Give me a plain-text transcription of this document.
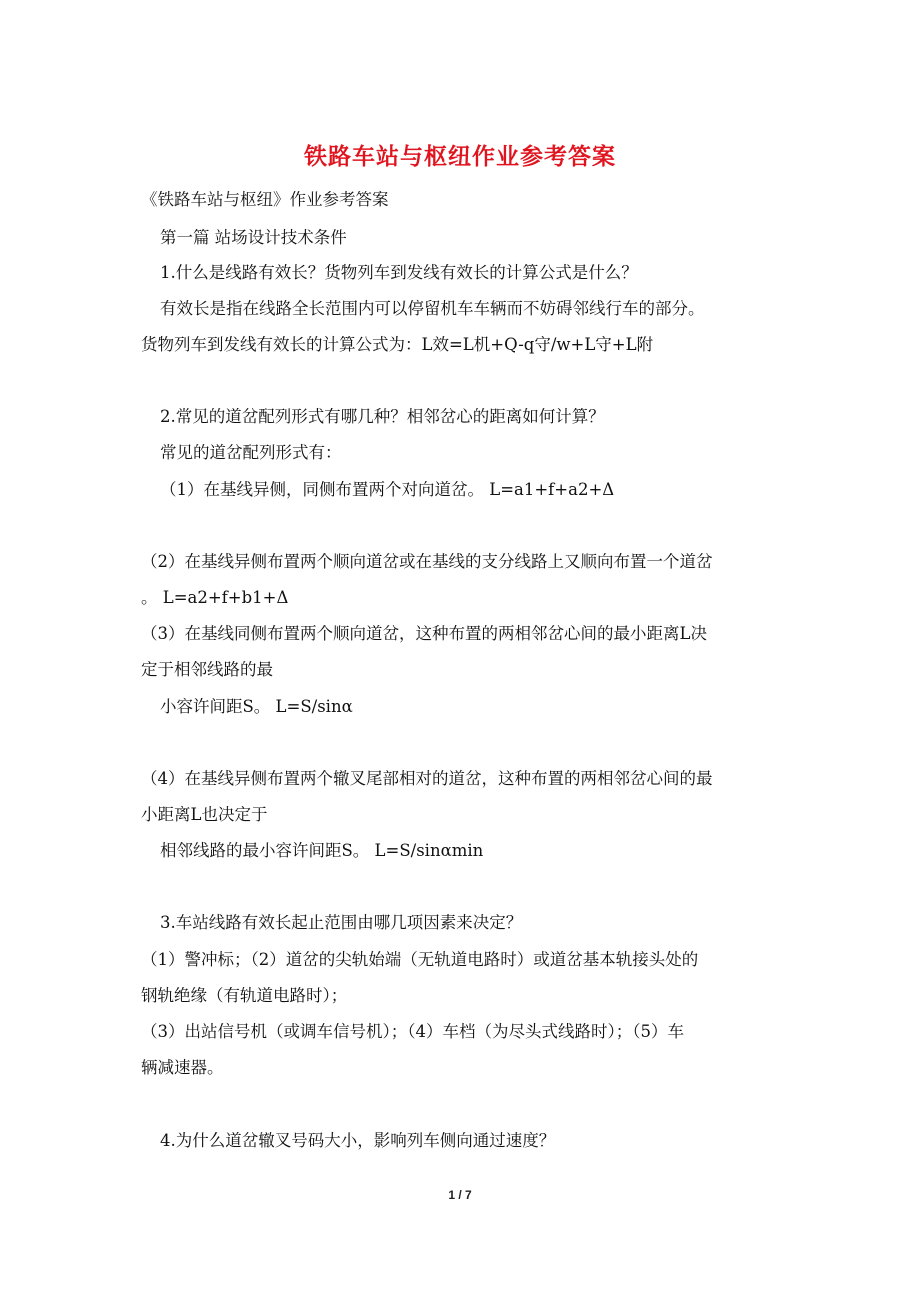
铁路车站与枢纽作业参考答案
《铁路车站与枢纽》作业参考答案
第一篇 站场设计技术条件
1.什么是线路有效长？货物列车到发线有效长的计算公式是什么？
有效长是指在线路全长范围内可以停留机车车辆而不妨碍邻线行车的部分。
货物列车到发线有效长的计算公式为：L效=L机+Q-q守/w+L守+L附
2.常见的道岔配列形式有哪几种？相邻岔心的距离如何计算？
常见的道岔配列形式有：
（1）在基线异侧，同侧布置两个对向道岔。 L=a1+f+a2+Δ
（2）在基线异侧布置两个顺向道岔或在基线的支分线路上又顺向布置一个道岔
。 L=a2+f+b1+Δ
（3）在基线同侧布置两个顺向道岔，这种布置的两相邻岔心间的最小距离L决
定于相邻线路的最
小容许间距S。 L=S/sinα
（4）在基线异侧布置两个辙叉尾部相对的道岔，这种布置的两相邻岔心间的最
小距离L也决定于
相邻线路的最小容许间距S。 L=S/sinαmin
3.车站线路有效长起止范围由哪几项因素来决定？
（1）警冲标；（2）道岔的尖轨始端（无轨道电路时）或道岔基本轨接头处的
钢轨绝缘（有轨道电路时）；
（3）出站信号机（或调车信号机）；（4）车档（为尽头式线路时）；（5）车
辆减速器。
4.为什么道岔辙叉号码大小，影响列车侧向通过速度？
1 / 7
